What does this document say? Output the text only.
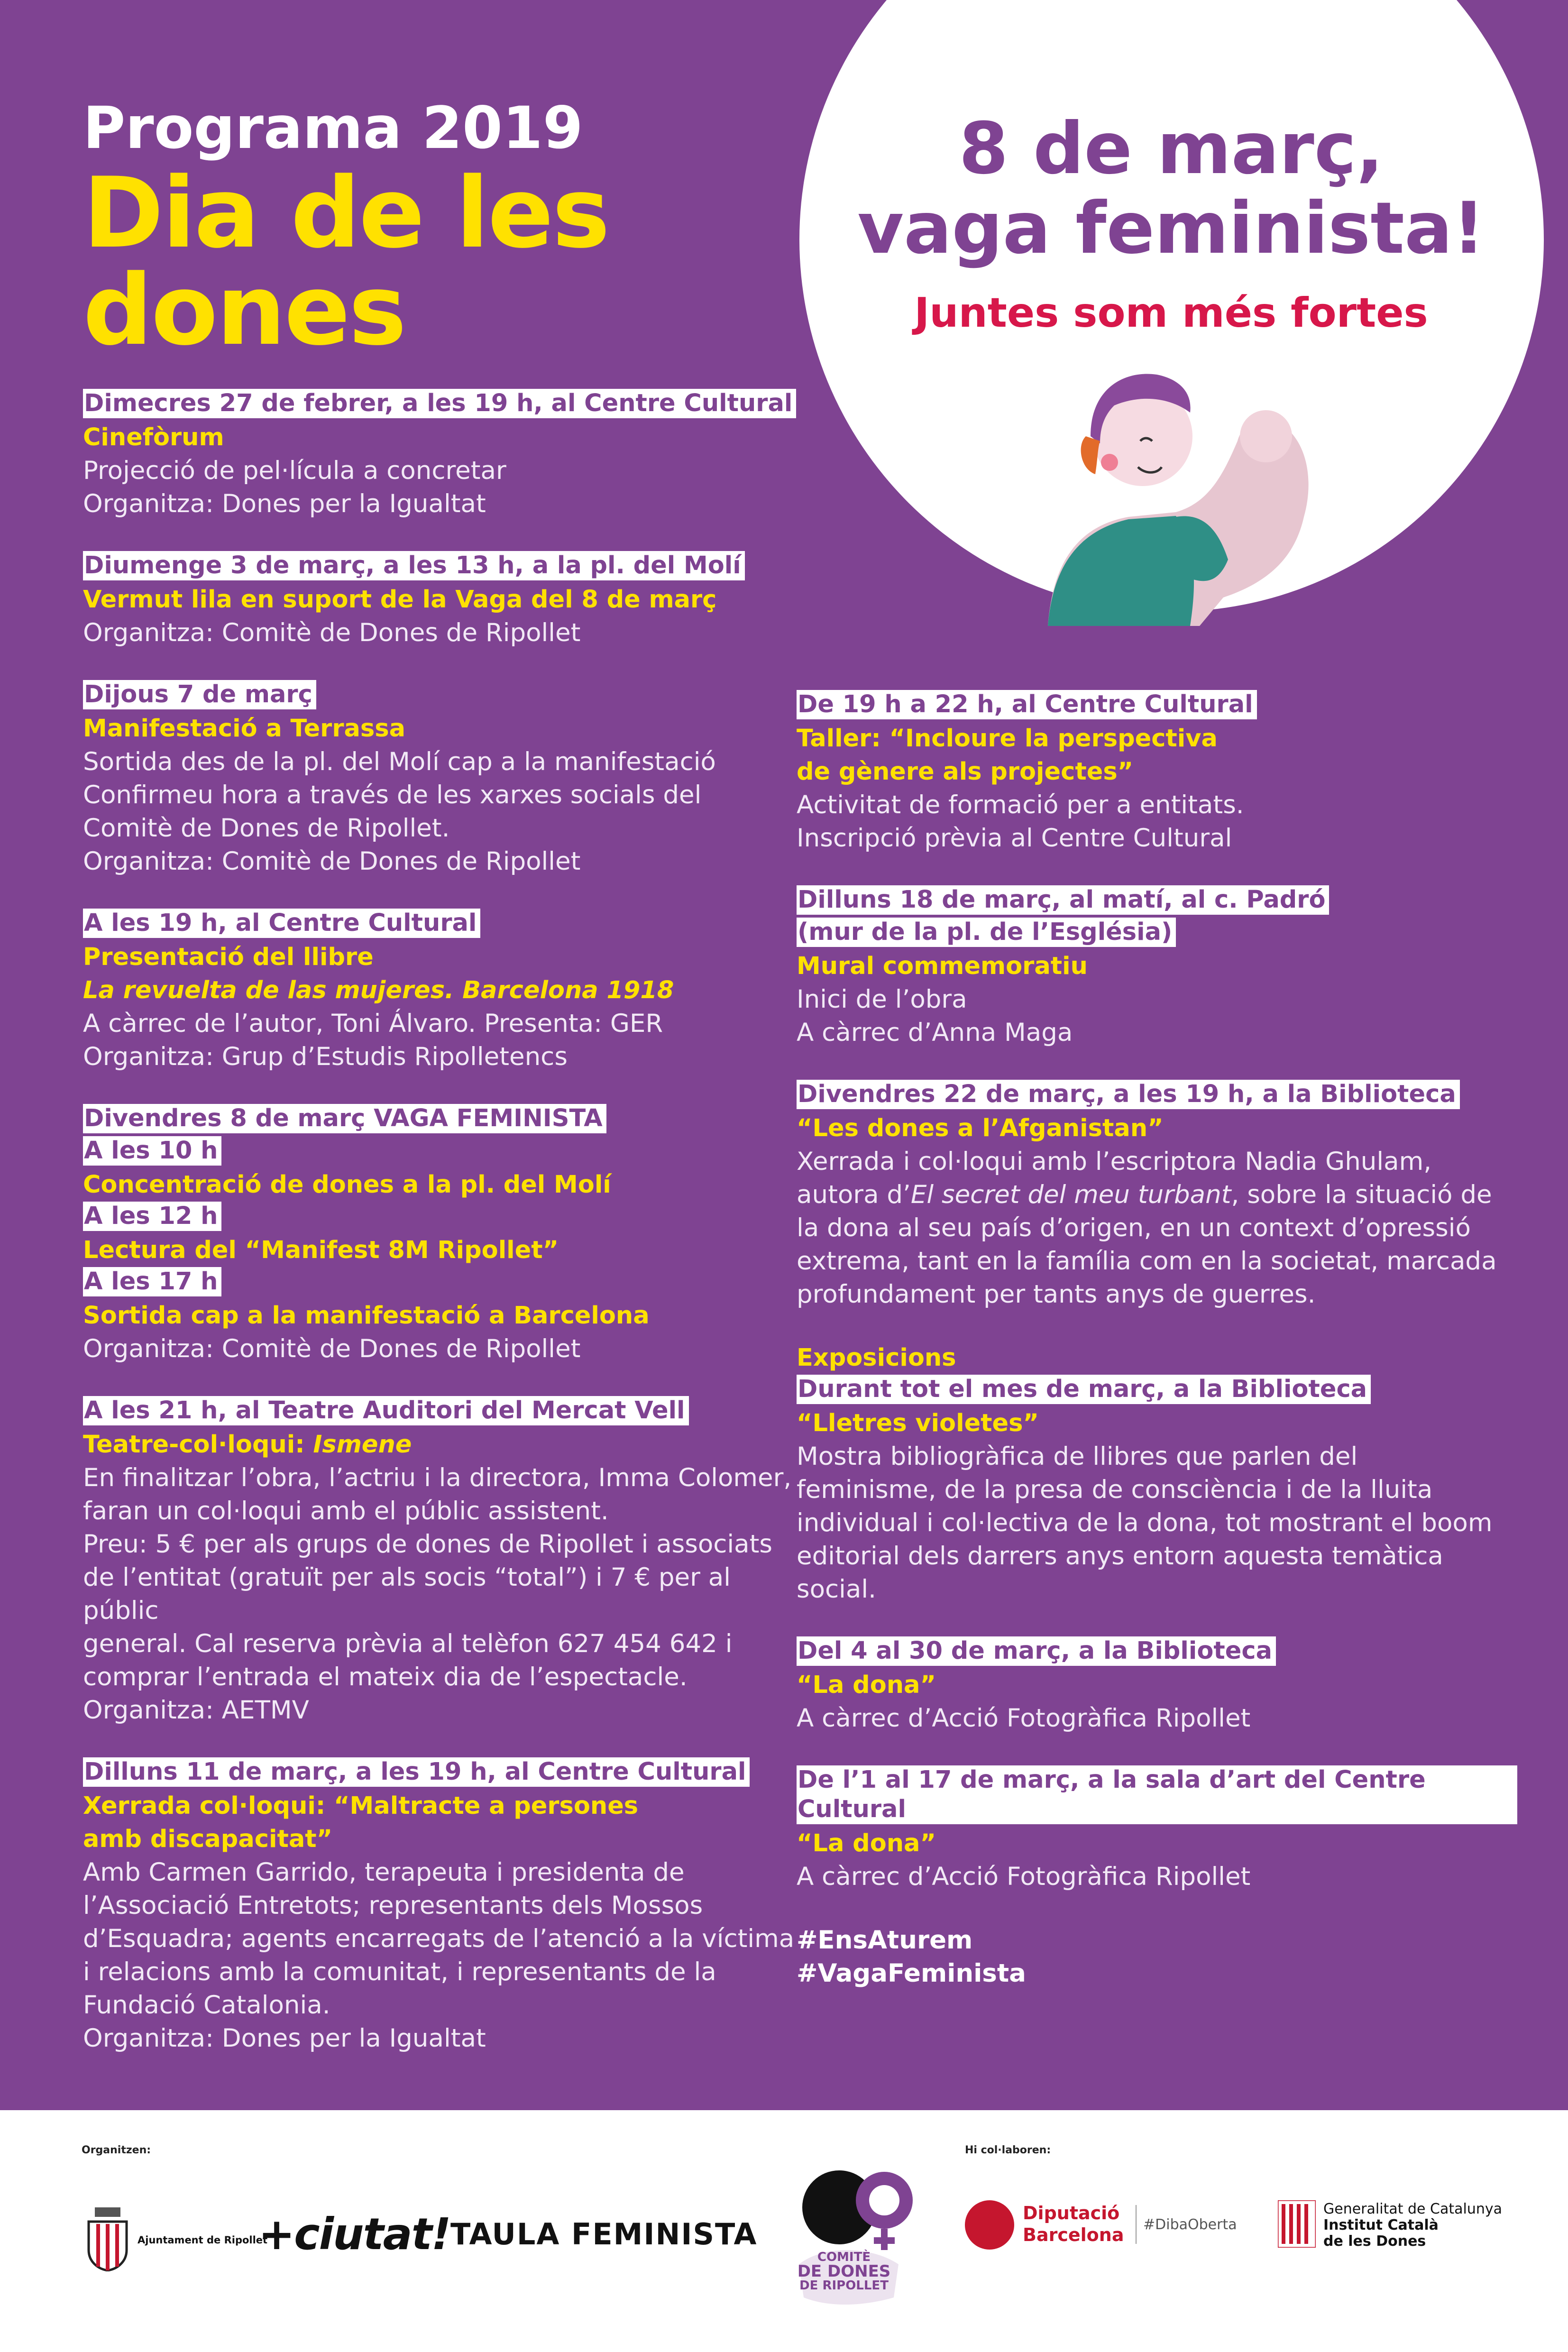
8 de març,
vaga feminista!
Juntes som més fortes
Programa 2019
Dia de les
dones
Dimecres 27 de febrer, a les 19 h, al Centre Cultural
Cinefòrum
Projecció de pel·lícula a concretar
Organitza: Dones per la Igualtat
Diumenge 3 de març, a les 13 h, a la pl. del Molí
Vermut lila en suport de la Vaga del 8 de març
Organitza: Comitè de Dones de Ripollet
Dijous 7 de març
Manifestació a Terrassa
Sortida des de la pl. del Molí cap a la manifestació
Confirmeu hora a través de les xarxes socials del
Comitè de Dones de Ripollet.
Organitza: Comitè de Dones de Ripollet
A les 19 h, al Centre Cultural
Presentació del llibre
La revuelta de las mujeres. Barcelona 1918
A càrrec de l’autor, Toni Álvaro. Presenta: GER
Organitza: Grup d’Estudis Ripolletencs
Divendres 8 de març VAGA FEMINISTA
A les 10 h
Concentració de dones a la pl. del Molí
A les 12 h
Lectura del “Manifest 8M Ripollet”
A les 17 h
Sortida cap a la manifestació a Barcelona
Organitza: Comitè de Dones de Ripollet
A les 21 h, al Teatre Auditori del Mercat Vell
Teatre-col·loqui: Ismene
En finalitzar l’obra, l’actriu i la directora, Imma Colomer,
faran un col·loqui amb el públic assistent.
Preu: 5 € per als grups de dones de Ripollet i associats
de l’entitat (gratuït per als socis “total”) i 7 € per al públic
general. Cal reserva prèvia al telèfon 627 454 642 i
comprar l’entrada el mateix dia de l’espectacle.
Organitza: AETMV
Dilluns 11 de març, a les 19 h, al Centre Cultural
Xerrada col·loqui: “Maltracte a persones
amb discapacitat”
Amb Carmen Garrido, terapeuta i presidenta de
l’Associació Entretots; representants dels Mossos
d’Esquadra; agents encarregats de l’atenció a la víctima
i relacions amb la comunitat, i representants de la
Fundació Catalonia.
Organitza: Dones per la Igualtat
De 19 h a 22 h, al Centre Cultural
Taller: “Incloure la perspectiva
de gènere als projectes”
Activitat de formació per a entitats.
Inscripció prèvia al Centre Cultural
Dilluns 18 de març, al matí, al c. Padró
(mur de la pl. de l’Església)
Mural commemoratiu
Inici de l’obra
A càrrec d’Anna Maga
Divendres 22 de març, a les 19 h, a la Biblioteca
“Les dones a l’Afganistan”
Xerrada i col·loqui amb l’escriptora Nadia Ghulam,
autora d’El secret del meu turbant, sobre la situació de
la dona al seu país d’origen, en un context d’opressió
extrema, tant en la família com en la societat, marcada
profundament per tants anys de guerres.
Exposicions
Durant tot el mes de març, a la Biblioteca
“Lletres violetes”
Mostra bibliogràfica de llibres que parlen del
feminisme, de la presa de consciència i de la lluita
individual i col·lectiva de la dona, tot mostrant el boom
editorial dels darrers anys entorn aquesta temàtica
social.
Del 4 al 30 de març, a la Biblioteca
“La dona”
A càrrec d’Acció Fotogràfica Ripollet
De l’1 al 17 de març, a la sala d’art del Centre Cultural
“La dona”
A càrrec d’Acció Fotogràfica Ripollet
#EnsAturem
#VagaFeminista
Organitzen:	Hi col·laboren:
Ajuntament de Ripollet
+ciutat! TAULA FEMINISTA
COMITÈ
DE DONES
DE RIPOLLET
Diputació
Barcelona #DibaOberta
Generalitat de Catalunya
Institut Català
de les Dones
